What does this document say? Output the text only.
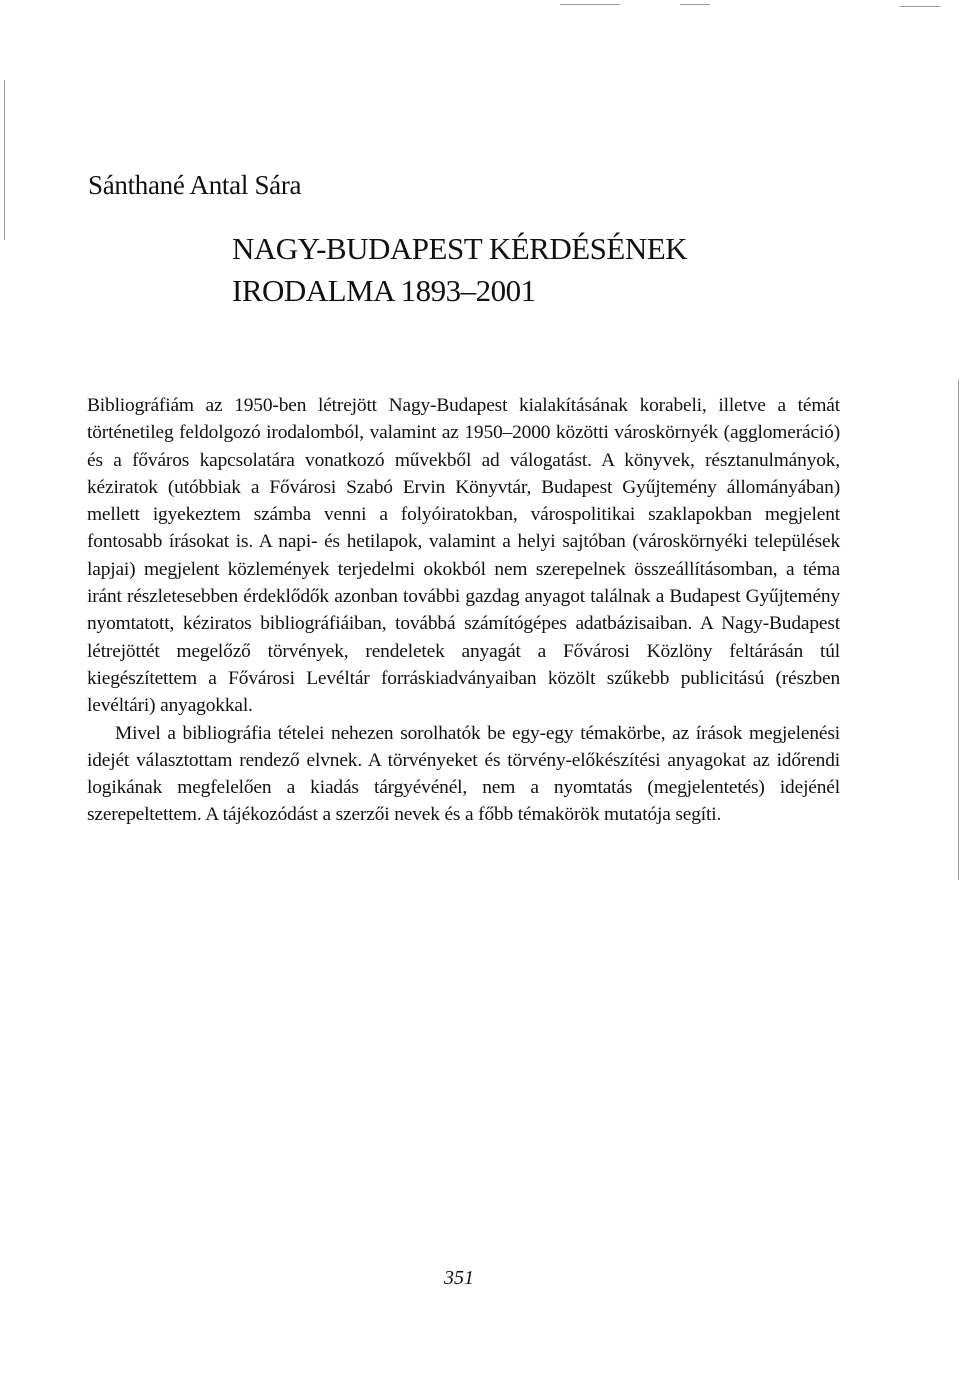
Sánthané Antal Sára
NAGY-BUDAPEST KÉRDÉSÉNEK
IRODALMA 1893–2001

Bibliográfiám az 1950-ben létrejött Nagy-Budapest kialakításának korabeli, illetve a témát történetileg feldolgozó irodalomból, valamint az 1950–2000 közötti városkörnyék (agglomeráció) és a főváros kapcsolatára vonatkozó művekből ad válogatást. A könyvek, résztanulmányok, kéziratok (utóbbiak a Fővárosi Szabó Ervin Könyvtár, Budapest Gyűjtemény állományában) mellett igyekeztem számba venni a folyóiratokban, várospolitikai szaklapokban megjelent fontosabb írásokat is. A napi- és hetilapok, valamint a helyi sajtóban (városkörnyéki települések lapjai) megjelent közlemények terjedelmi okokból nem szerepelnek összeállításomban, a téma iránt részletesebben érdeklődők azonban további gazdag anyagot találnak a Budapest Gyűjtemény nyomtatott, kéziratos bibliográfiáiban, továbbá számítógépes adatbázisaiban. A Nagy-Budapest létrejöttét megelőző törvények, rendeletek anyagát a Fővárosi Közlöny feltárásán túl kiegészítettem a Fővárosi Levéltár forráskiadványaiban közölt szűkebb publicitású (részben levéltári) anyagokkal.

Mivel a bibliográfia tételei nehezen sorolhatók be egy-egy témakörbe, az írások megjelenési idejét választottam rendező elvnek. A törvényeket és törvény-előkészítési anyagokat az időrendi logikának megfelelően a kiadás tárgyévénél, nem a nyomtatás (megjelentetés) idejénél szerepeltettem. A tájékozódást a szerzői nevek és a főbb témakörök mutatója segíti.

351
